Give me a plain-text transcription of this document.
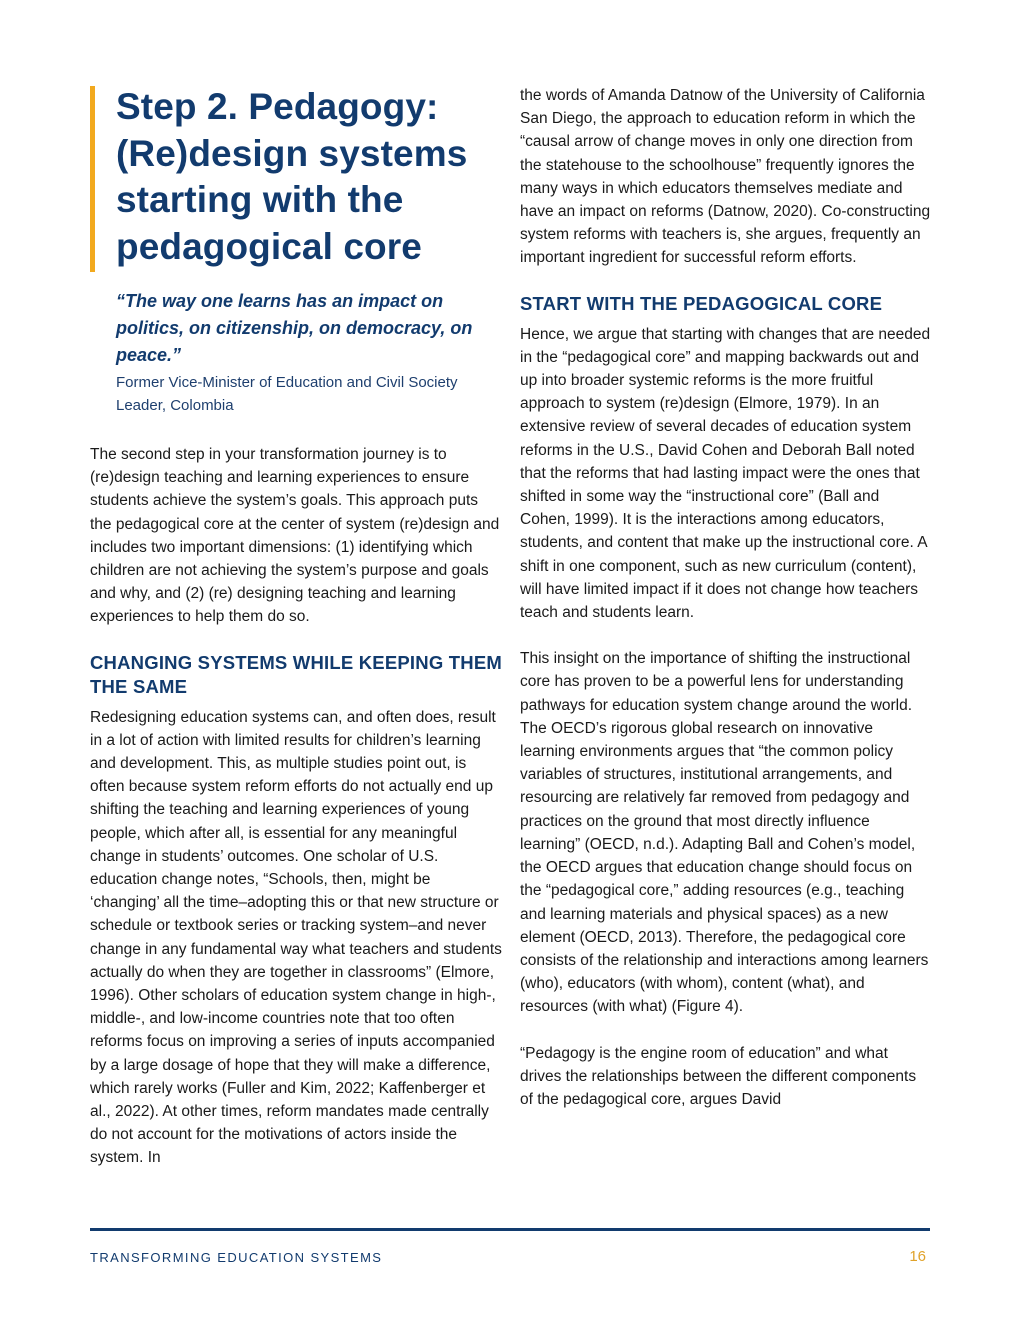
Step 2. Pedagogy: (Re)design systems starting with the pedagogical core

“The way one learns has an impact on politics, on citizenship, on democracy, on peace.”

Former Vice-Minister of Education and Civil Society Leader, Colombia

The second step in your transformation journey is to (re)design teaching and learning experiences to ensure students achieve the system’s goals. This approach puts the pedagogical core at the center of system (re)design and includes two important dimensions: (1) identifying which children are not achieving the system’s purpose and goals and why, and (2) (re) designing teaching and learning experiences to help them do so.

CHANGING SYSTEMS WHILE KEEPING THEM THE SAME

Redesigning education systems can, and often does, result in a lot of action with limited results for children’s learning and development. This, as multiple studies point out, is often because system reform efforts do not actually end up shifting the teaching and learning experiences of young people, which after all, is essential for any meaningful change in students’ outcomes. One scholar of U.S. education change notes, “Schools, then, might be ‘changing’ all the time–adopting this or that new structure or schedule or textbook series or tracking system–and never change in any fundamental way what teachers and students actually do when they are together in classrooms” (Elmore, 1996). Other scholars of education system change in high-, middle-, and low-income countries note that too often reforms focus on improving a series of inputs accompanied by a large dosage of hope that they will make a difference, which rarely works (Fuller and Kim, 2022; Kaffenberger et al., 2022). At other times, reform mandates made centrally do not account for the motivations of actors inside the system. In

the words of Amanda Datnow of the University of California San Diego, the approach to education reform in which the “causal arrow of change moves in only one direction from the statehouse to the schoolhouse” frequently ignores the many ways in which educators themselves mediate and have an impact on reforms (Datnow, 2020). Co-constructing system reforms with teachers is, she argues, frequently an important ingredient for successful reform efforts.

START WITH THE PEDAGOGICAL CORE

Hence, we argue that starting with changes that are needed in the “pedagogical core” and mapping backwards out and up into broader systemic reforms is the more fruitful approach to system (re)design (Elmore, 1979). In an extensive review of several decades of education system reforms in the U.S., David Cohen and Deborah Ball noted that the reforms that had lasting impact were the ones that shifted in some way the “instructional core” (Ball and Cohen, 1999). It is the interactions among educators, students, and content that make up the instructional core. A shift in one component, such as new curriculum (content), will have limited impact if it does not change how teachers teach and students learn.

This insight on the importance of shifting the instructional core has proven to be a powerful lens for understanding pathways for education system change around the world. The OECD’s rigorous global research on innovative learning environments argues that “the common policy variables of structures, institutional arrangements, and resourcing are relatively far removed from pedagogy and practices on the ground that most directly influence learning” (OECD, n.d.). Adapting Ball and Cohen’s model, the OECD argues that education change should focus on the “pedagogical core,” adding resources (e.g., teaching and learning materials and physical spaces) as a new element (OECD, 2013). Therefore, the pedagogical core consists of the relationship and interactions among learners (who), educators (with whom), content (what), and resources (with what) (Figure 4).

“Pedagogy is the engine room of education” and what drives the relationships between the different components of the pedagogical core, argues David

TRANSFORMING EDUCATION SYSTEMS	16
